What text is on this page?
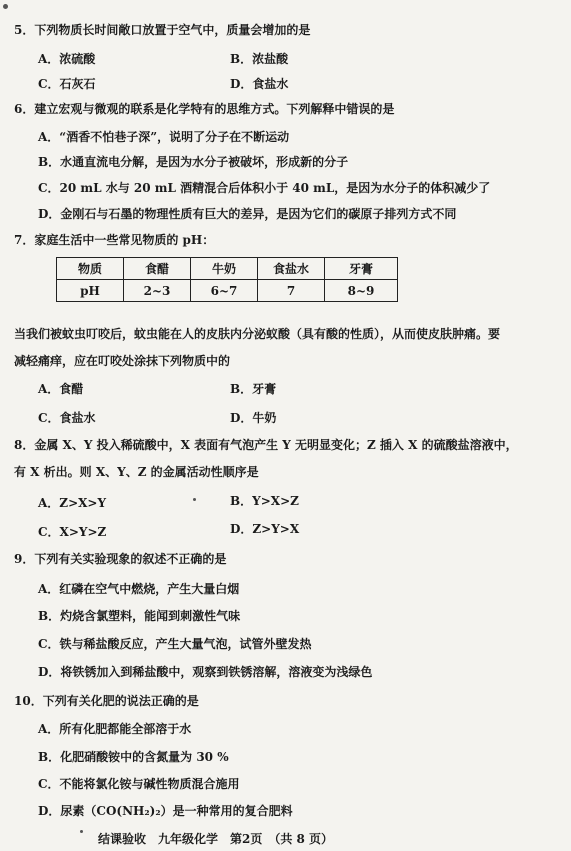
5．下列物质长时间敞口放置于空气中，质量会增加的是
A．浓硫酸	B．浓盐酸
C．石灰石	D．食盐水
6．建立宏观与微观的联系是化学特有的思维方式。下列解释中错误的是
A．“酒香不怕巷子深”，说明了分子在不断运动
B．水通直流电分解，是因为水分子被破坏，形成新的分子
C．20 mL 水与 20 mL 酒精混合后体积小于 40 mL，是因为水分子的体积减少了
D．金刚石与石墨的物理性质有巨大的差异，是因为它们的碳原子排列方式不同
7．家庭生活中一些常见物质的 pH：
物质	食醋	牛奶	食盐水	牙膏
pH	2~3	6~7	7	8~9
当我们被蚊虫叮咬后，蚊虫能在人的皮肤内分泌蚁酸（具有酸的性质），从而使皮肤肿痛。要
减轻痛痒，应在叮咬处涂抹下列物质中的
A．食醋	B．牙膏
C．食盐水	D．牛奶
8．金属 X、Y 投入稀硫酸中，X 表面有气泡产生 Y 无明显变化；Z 插入 X 的硫酸盐溶液中，
有 X 析出。则 X、Y、Z 的金属活动性顺序是
A．Z>X>Y	B．Y>X>Z
C．X>Y>Z	D．Z>Y>X
9．下列有关实验现象的叙述不正确的是
A．红磷在空气中燃烧，产生大量白烟
B．灼烧含氯塑料，能闻到刺激性气味
C．铁与稀盐酸反应，产生大量气泡，试管外壁发热
D．将铁锈加入到稀盐酸中，观察到铁锈溶解，溶液变为浅绿色
10．下列有关化肥的说法正确的是
A．所有化肥都能全部溶于水
B．化肥硝酸铵中的含氮量为 30 %
C．不能将氯化铵与碱性物质混合施用
D．尿素（CO(NH₂)₂）是一种常用的复合肥料
结课验收　九年级化学　第2页　（共 8 页）
